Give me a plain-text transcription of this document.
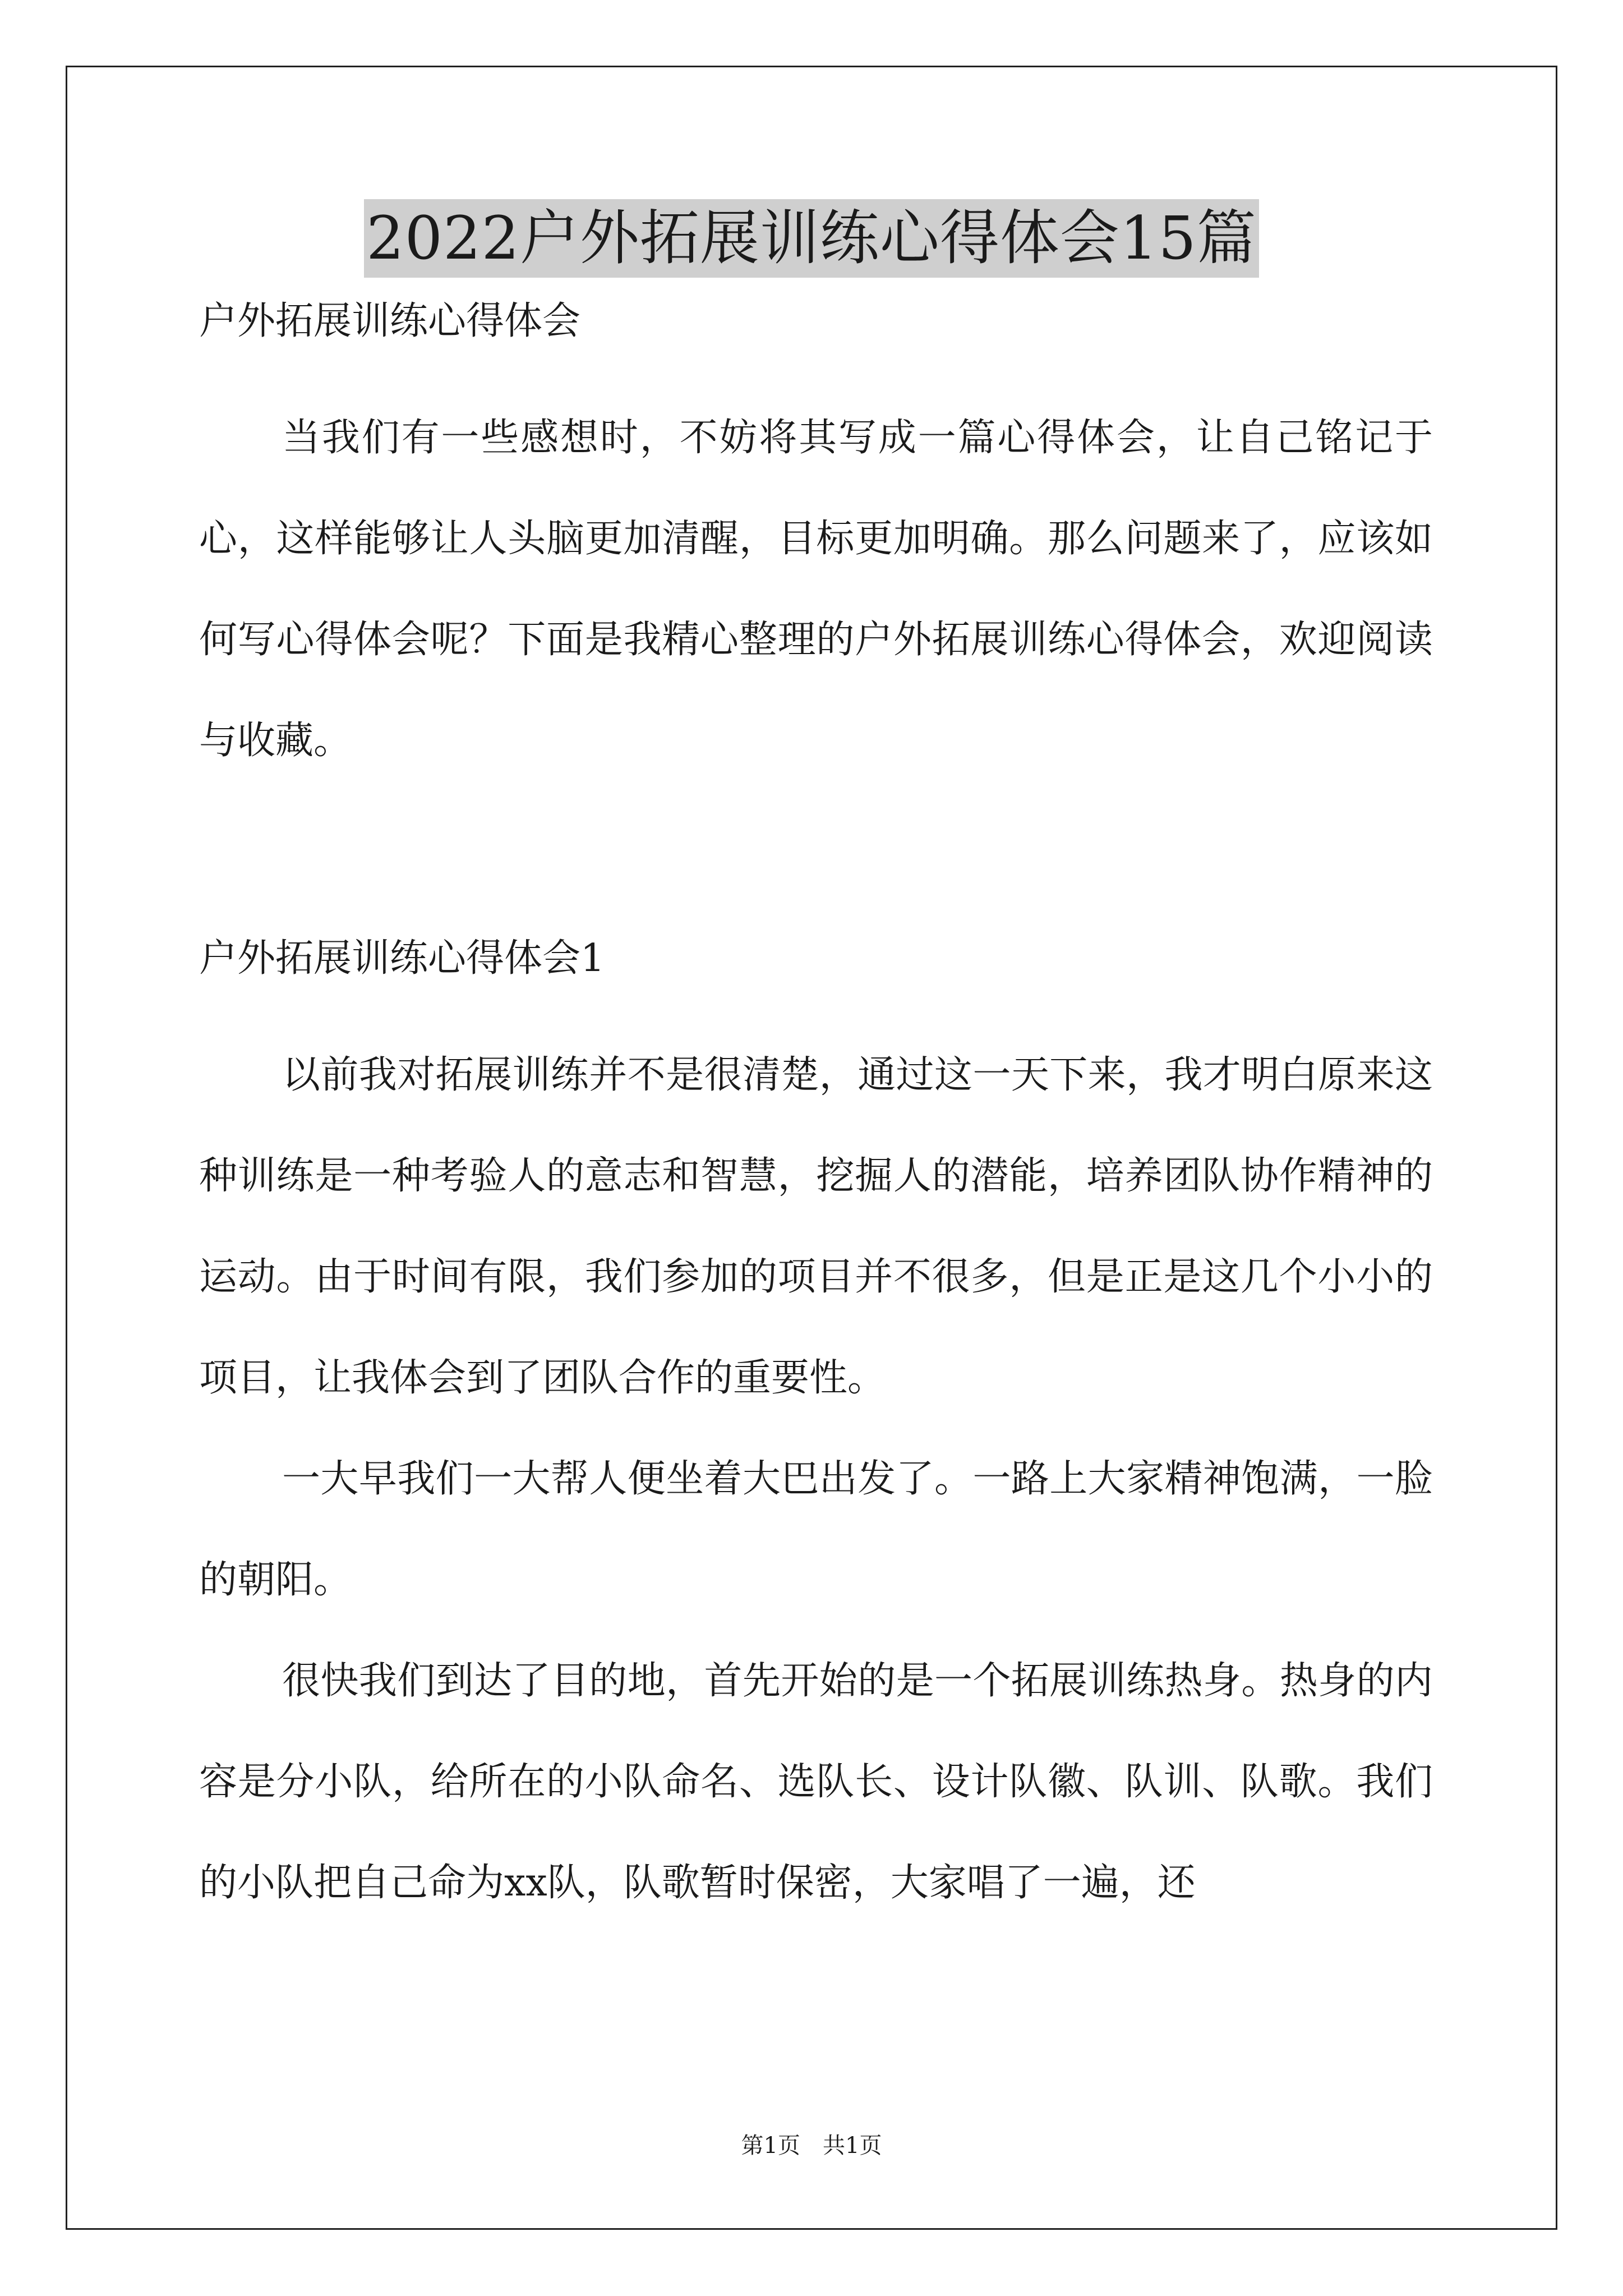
2022户外拓展训练心得体会15篇

户外拓展训练心得体会

当我们有一些感想时，不妨将其写成一篇心得体会，让自己铭记于心，这样能够让人头脑更加清醒，目标更加明确。那么问题来了，应该如何写心得体会呢？下面是我精心整理的户外拓展训练心得体会，欢迎阅读与收藏。

户外拓展训练心得体会1

以前我对拓展训练并不是很清楚，通过这一天下来，我才明白原来这种训练是一种考验人的意志和智慧，挖掘人的潜能，培养团队协作精神的运动。由于时间有限，我们参加的项目并不很多，但是正是这几个小小的项目，让我体会到了团队合作的重要性。

一大早我们一大帮人便坐着大巴出发了。一路上大家精神饱满，一脸的朝阳。

很快我们到达了目的地，首先开始的是一个拓展训练热身。热身的内容是分小队，给所在的小队命名、选队长、设计队徽、队训、队歌。我们的小队把自己命为xx队，队歌暂时保密，大家唱了一遍，还

第1页　共1页
